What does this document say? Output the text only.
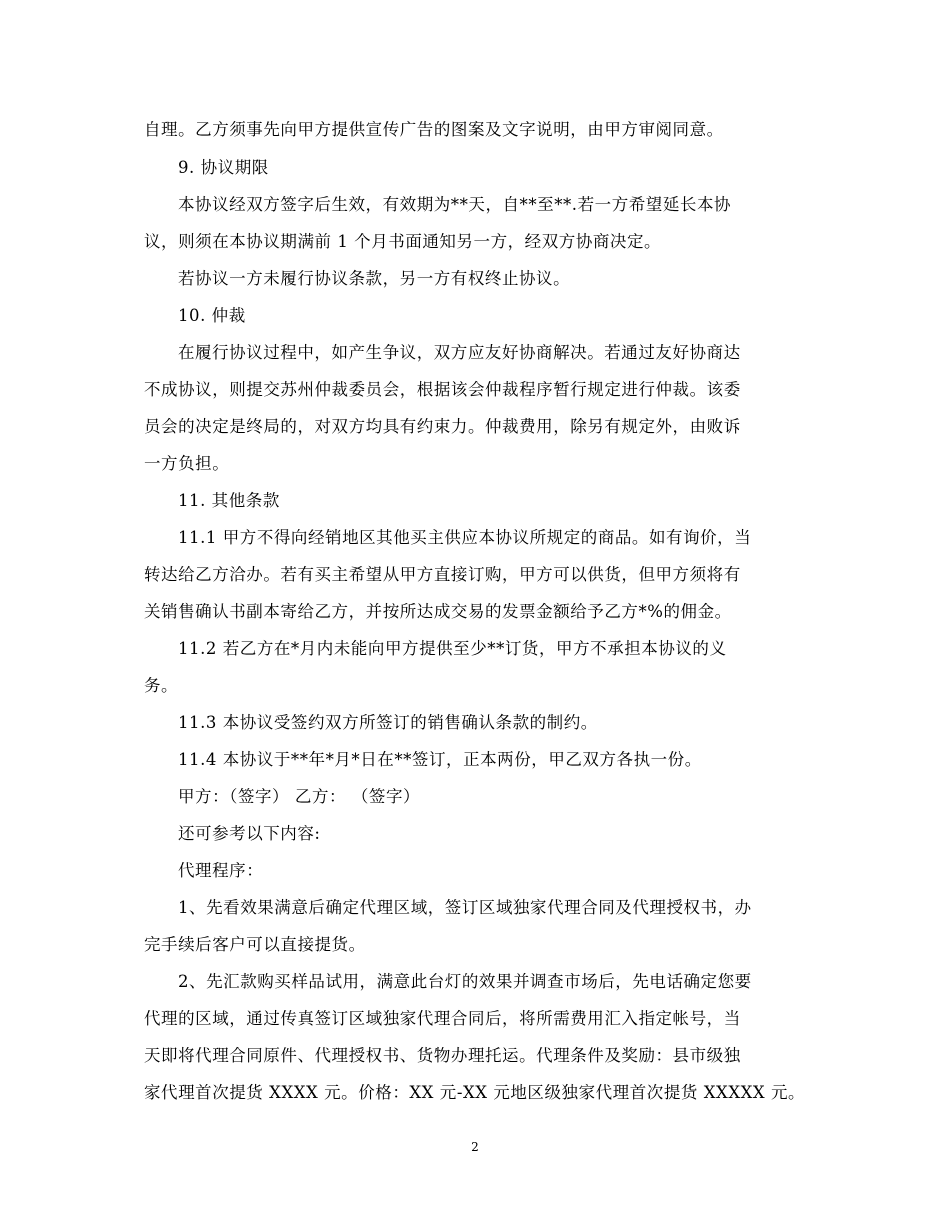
自理。乙方须事先向甲方提供宣传广告的图案及文字说明，由甲方审阅同意。
9. 协议期限
本协议经双方签字后生效，有效期为**天，自**至**.若一方希望延长本协
议，则须在本协议期满前 1 个月书面通知另一方，经双方协商决定。
若协议一方未履行协议条款，另一方有权终止协议。
10. 仲裁
在履行协议过程中，如产生争议，双方应友好协商解决。若通过友好协商达
不成协议，则提交苏州仲裁委员会，根据该会仲裁程序暂行规定进行仲裁。该委
员会的决定是终局的，对双方均具有约束力。仲裁费用，除另有规定外，由败诉
一方负担。
11. 其他条款
11.1 甲方不得向经销地区其他买主供应本协议所规定的商品。如有询价，当
转达给乙方洽办。若有买主希望从甲方直接订购，甲方可以供货，但甲方须将有
关销售确认书副本寄给乙方，并按所达成交易的发票金额给予乙方*%的佣金。
11.2 若乙方在*月内未能向甲方提供至少**订货，甲方不承担本协议的义
务。
11.3 本协议受签约双方所签订的销售确认条款的制约。
11.4 本协议于**年*月*日在**签订，正本两份，甲乙双方各执一份。
甲方：（签字） 乙方： （签字）
还可参考以下内容:
代理程序：
1、先看效果满意后确定代理区域，签订区域独家代理合同及代理授权书，办
完手续后客户可以直接提货。
2、先汇款购买样品试用，满意此台灯的效果并调查市场后，先电话确定您要
代理的区域，通过传真签订区域独家代理合同后，将所需费用汇入指定帐号，当
天即将代理合同原件、代理授权书、货物办理托运。代理条件及奖励：县市级独
家代理首次提货 XXXX 元。价格：XX 元-XX 元地区级独家代理首次提货 XXXXX 元。
2
